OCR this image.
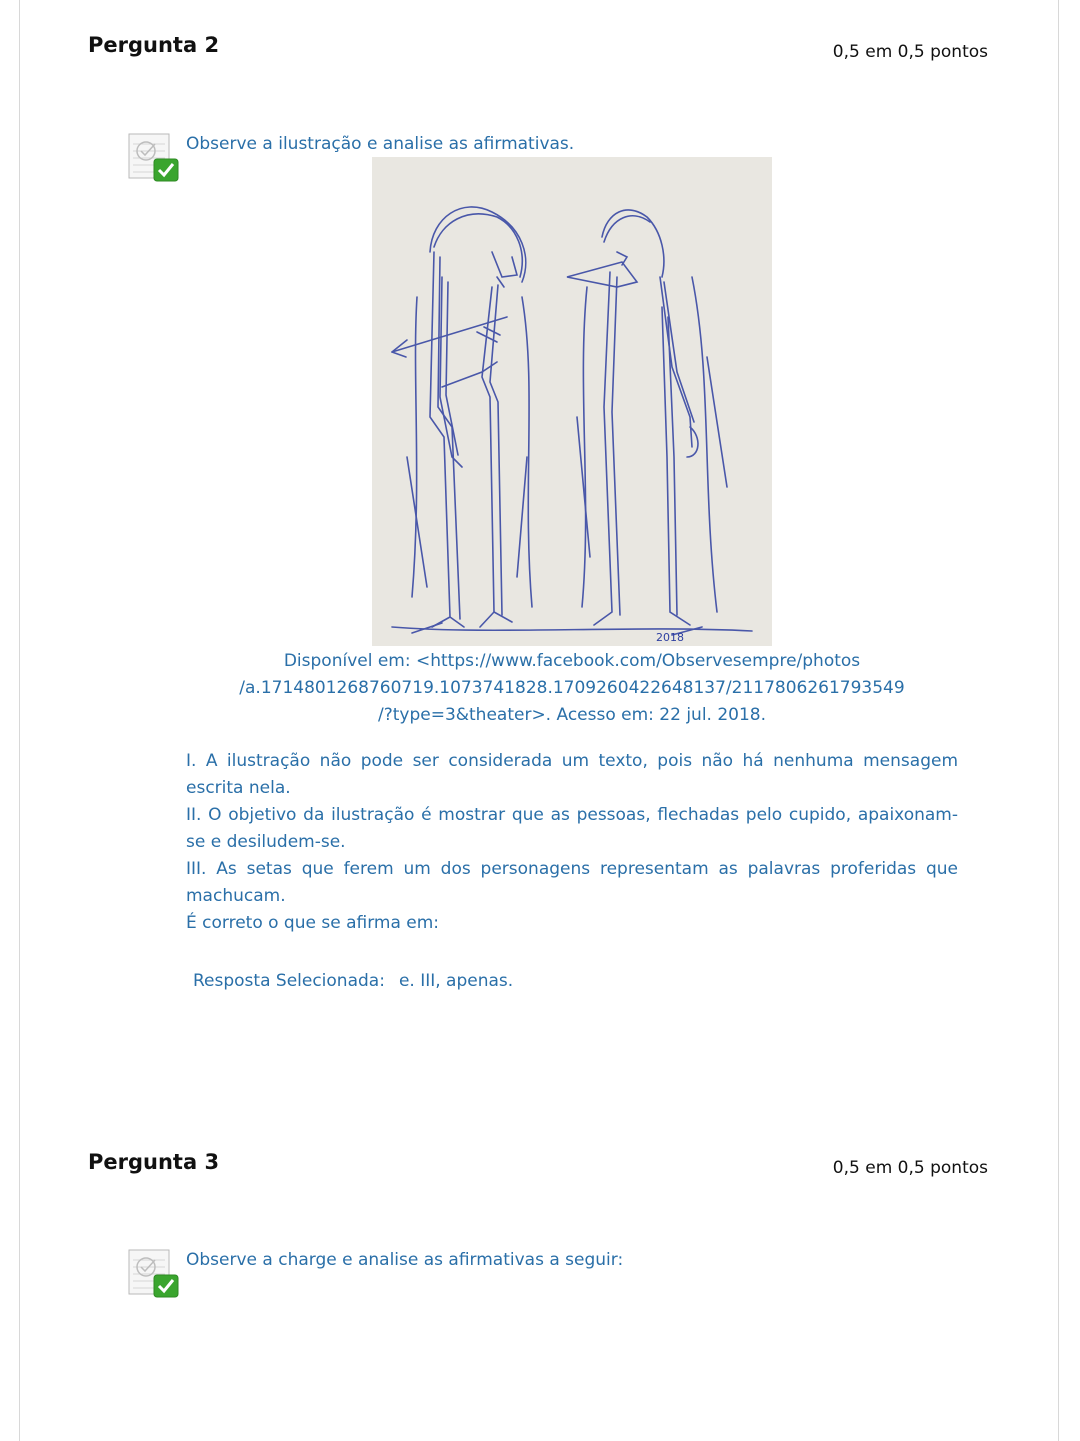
Pergunta 2	0,5 em 0,5 pontos
Observe a ilustração e analise as afirmativas.
2018
Disponível em: <https://www.facebook.com/Observesempre/photos
/a.1714801268760719.1073741828.1709260422648137/2117806261793549
/?type=3&theater>. Acesso em: 22 jul. 2018.

I. A ilustração não pode ser considerada um texto, pois não há nenhuma mensagem escrita nela.

II. O objetivo da ilustração é mostrar que as pessoas, flechadas pelo cupido, apaixonam-se e desiludem-se.

III. As setas que ferem um dos personagens representam as palavras proferidas que machucam.

É correto o que se afirma em:

Resposta Selecionada: e. III, apenas.
Pergunta 3	0,5 em 0,5 pontos
Observe a charge e analise as afirmativas a seguir:
